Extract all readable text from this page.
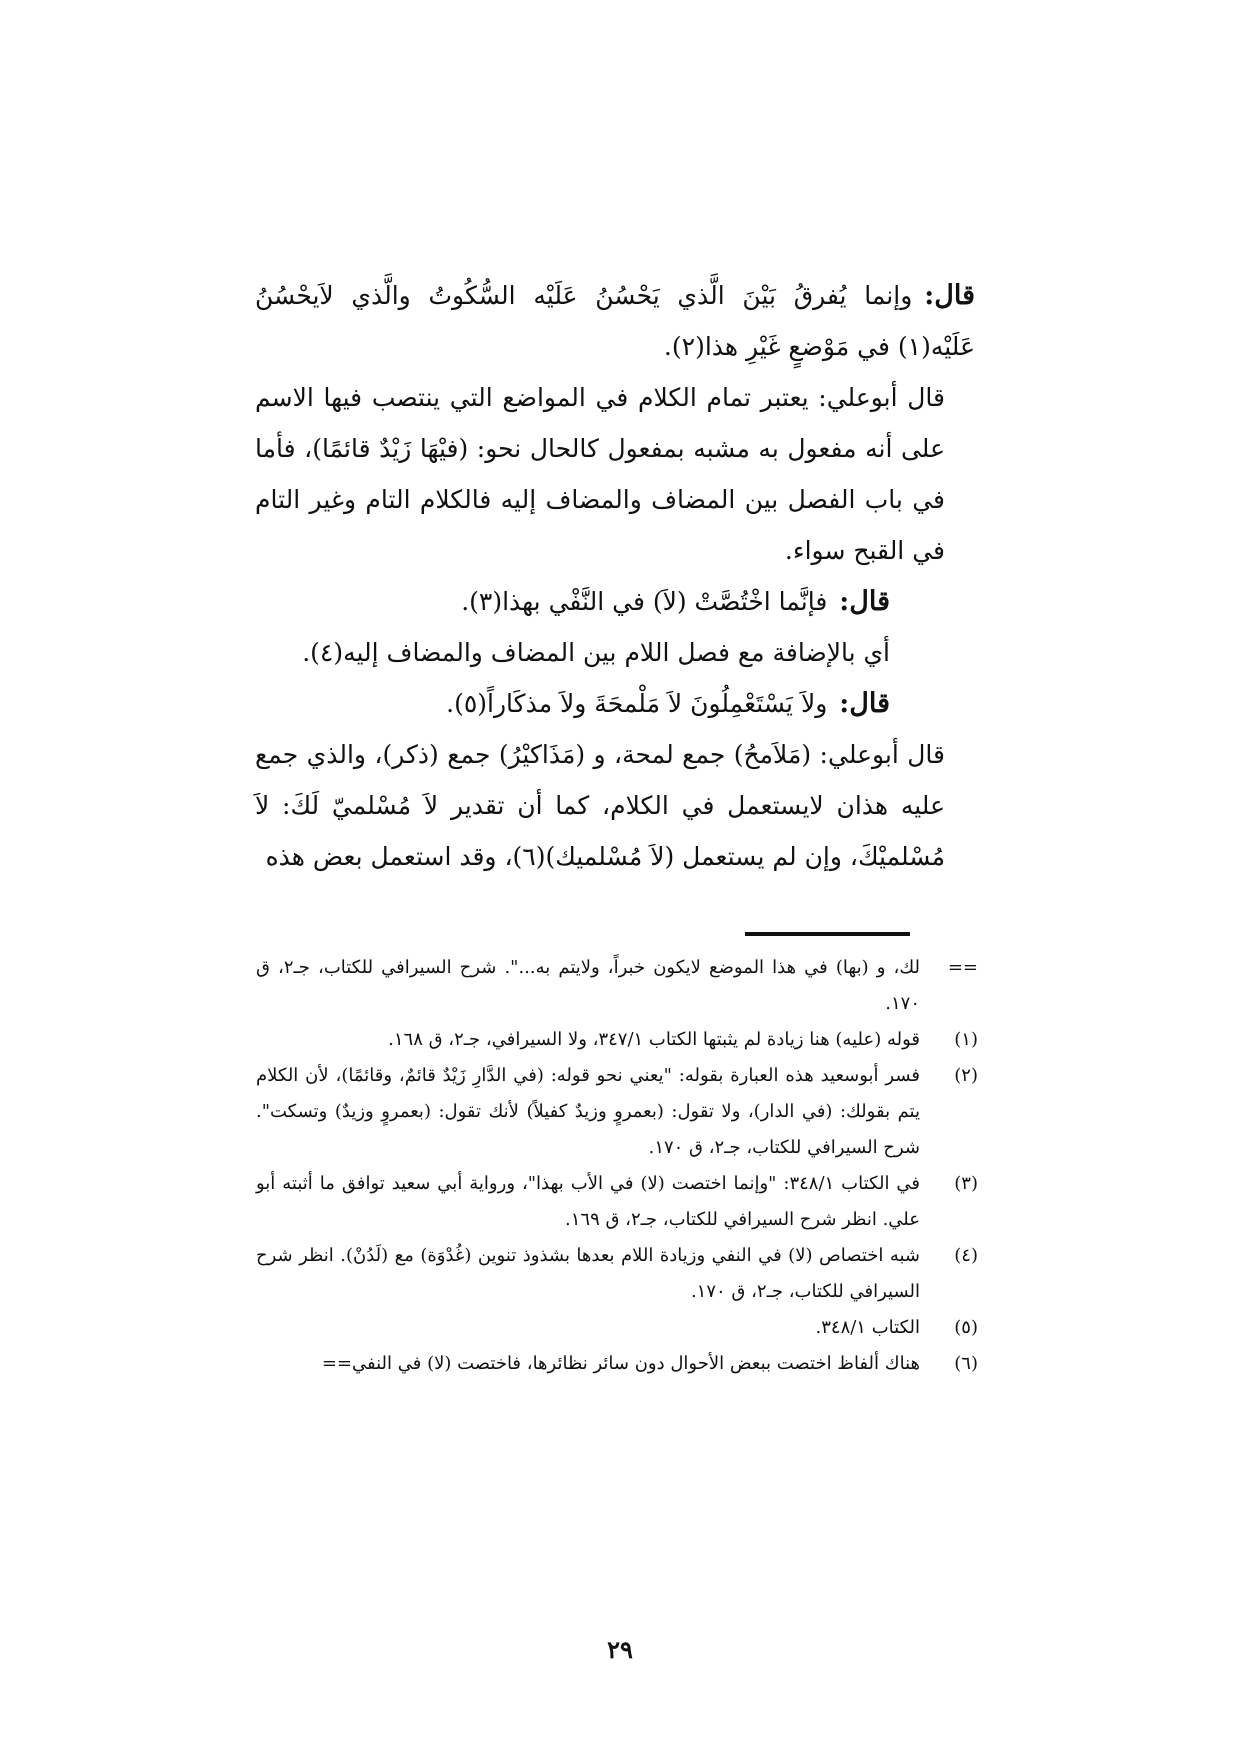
قال:وإنما يُفرقُ بَيْنَ الَّذي يَحْسُنُ عَلَيْه السُّكُوتُ والَّذي لاَيحْسُنُ عَلَيْه(١) في مَوْضعٍ غَيْرِ هذا(٢).

قال أبوعلي: يعتبر تمام الكلام في المواضع التي ينتصب فيها الاسم على أنه مفعول به مشبه بمفعول كالحال نحو: (فيْهَا زَيْدٌ قائمًا)، فأما في باب الفصل بين المضاف والمضاف إليه فالكلام التام وغير التام في القبح سواء.

قال:فإنَّما اخْتُصَّتْ (لاَ) في النَّفْي بهذا(٣).

أي بالإضافة مع فصل اللام بين المضاف والمضاف إليه(٤).

قال:ولاَ يَسْتَعْمِلُونَ لاَ مَلْمحَةَ ولاَ مذكَاراً(٥).

قال أبوعلي: (مَلاَمحُ) جمع لمحة، و (مَذَاكيْرُ) جمع (ذكر)، والذي جمع عليه هذان لايستعمل في الكلام، كما أن تقدير لاَ مُسْلميّ لَكَ: لاَ مُسْلميْكَ، وإن لم يستعمل (لاَ مُسْلميك)(٦)، وقد استعمل بعض هذه

==
لك، و (بها) في هذا الموضع لايكون خبراً، ولايتم به...". شرح السيرافي للكتاب، جـ٢، ق ١٧٠.
(١)
قوله (عليه) هنا زيادة لم يثبتها الكتاب ٣٤٧/١، ولا السيرافي، جـ٢، ق ١٦٨.
(٢)
فسر أبوسعيد هذه العبارة بقوله: "يعني نحو قوله: (في الدَّارِ زَيْدٌ قائمٌ، وقائمًا)، لأن الكلام يتم بقولك: (في الدار)، ولا تقول: (بعمروٍ وزيدٌ كفيلاً) لأنك تقول: (بعمروٍ وزيدٌ) وتسكت". شرح السيرافي للكتاب، جـ٢، ق ١٧٠.
(٣)
في الكتاب ٣٤٨/١: "وإنما اختصت (لا) في الأب بهذا"، ورواية أبي سعيد توافق ما أثبته أبو علي. انظر شرح السيرافي للكتاب، جـ٢، ق ١٦٩.
(٤)
شبه اختصاص (لا) في النفي وزيادة اللام بعدها بشذوذ تنوين (غُدْوَة) مع (لَدُنْ). انظر شرح السيرافي للكتاب، جـ٢، ق ١٧٠.
(٥)
الكتاب ٣٤٨/١.
(٦)
هناك ألفاظ اختصت ببعض الأحوال دون سائر نظائرها، فاختصت (لا) في النفي==
٢٩
